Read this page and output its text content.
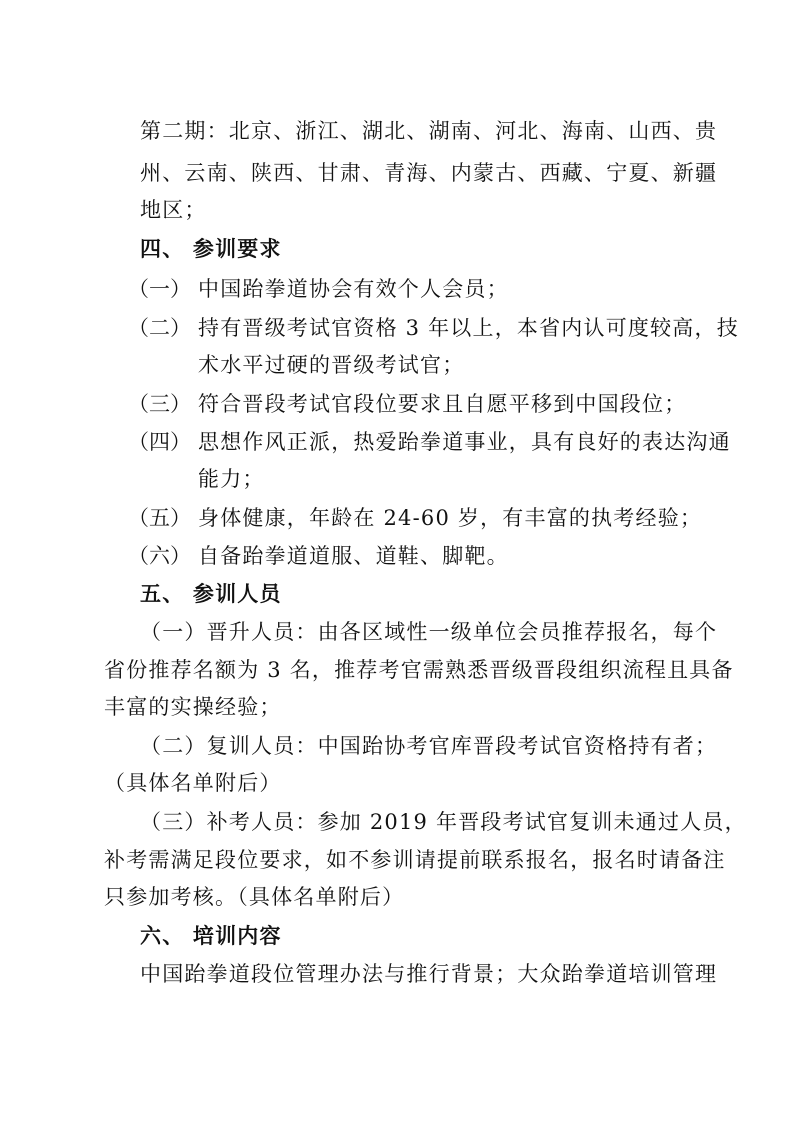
第二期：北京、浙江、湖北、湖南、河北、海南、山西、贵
州、云南、陕西、甘肃、青海、内蒙古、西藏、宁夏、新疆
地区；
四、 参训要求
（一） 中国跆拳道协会有效个人会员；
（二） 持有晋级考试官资格 3 年以上，本省内认可度较高，技
术水平过硬的晋级考试官；
（三） 符合晋段考试官段位要求且自愿平移到中国段位；
（四） 思想作风正派，热爱跆拳道事业，具有良好的表达沟通
能力；
（五） 身体健康，年龄在 24-60 岁，有丰富的执考经验；
（六） 自备跆拳道道服、道鞋、脚靶。
五、 参训人员
（一）晋升人员：由各区域性一级单位会员推荐报名，每个
省份推荐名额为 3 名，推荐考官需熟悉晋级晋段组织流程且具备
丰富的实操经验；
（二）复训人员：中国跆协考官库晋段考试官资格持有者；
（具体名单附后）
（三）补考人员：参加 2019 年晋段考试官复训未通过人员，
补考需满足段位要求，如不参训请提前联系报名，报名时请备注
只参加考核。（具体名单附后）
六、 培训内容
中国跆拳道段位管理办法与推行背景；大众跆拳道培训管理
